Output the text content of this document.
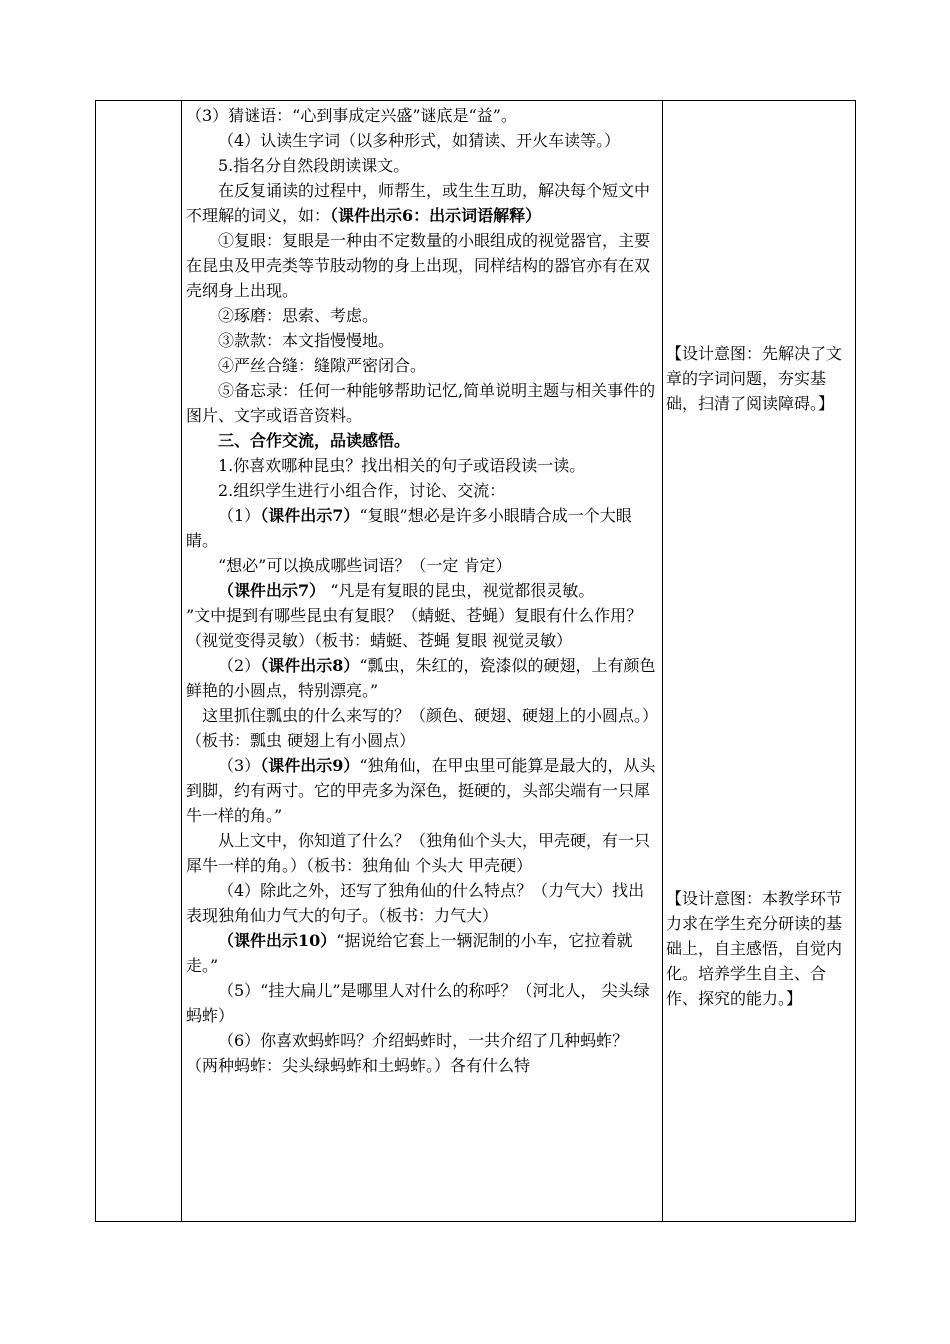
（3）猜谜语：“心到事成定兴盛”谜底是“益”。

（4）认读生字词（以多种形式，如猜读、开火车读等。）

5.指名分自然段朗读课文。

在反复诵读的过程中，师帮生，或生生互助，解决每个短文中不理解的词义，如：（课件出示6：出示词语解释）

①复眼：复眼是一种由不定数量的小眼组成的视觉器官，主要在昆虫及甲壳类等节肢动物的身上出现，同样结构的器官亦有在双壳纲身上出现。

②琢磨：思索、考虑。

③款款：本文指慢慢地。

④严丝合缝：缝隙严密闭合。

⑤备忘录：任何一种能够帮助记忆,简单说明主题与相关事件的图片、文字或语音资料。

三、合作交流，品读感悟。

1.你喜欢哪种昆虫？找出相关的句子或语段读一读。

2.组织学生进行小组合作，讨论、交流：

（1）（课件出示7）“复眼”想必是许多小眼睛合成一个大眼睛。

“想必”可以换成哪些词语？（一定 肯定）

（课件出示7） “凡是有复眼的昆虫，视觉都很灵敏。

”文中提到有哪些昆虫有复眼？（蜻蜓、苍蝇）复眼有什么作用？（视觉变得灵敏）（板书：蜻蜓、苍蝇 复眼 视觉灵敏）

（2）（课件出示8）“瓢虫，朱红的，瓷漆似的硬翅，上有颜色鲜艳的小圆点，特别漂亮。”

这里抓住瓢虫的什么来写的？（颜色、硬翅、硬翅上的小圆点。）（板书：瓢虫 硬翅上有小圆点）

（3）（课件出示9）“独角仙，在甲虫里可能算是最大的，从头到脚，约有两寸。它的甲壳多为深色，挺硬的，头部尖端有一只犀牛一样的角。”

从上文中，你知道了什么？（独角仙个头大，甲壳硬，有一只犀牛一样的角。）（板书：独角仙 个头大 甲壳硬）

（4）除此之外，还写了独角仙的什么特点？（力气大）找出表现独角仙力气大的句子。（板书：力气大）

（课件出示10）“据说给它套上一辆泥制的小车，它拉着就走。”

（5）“挂大扁儿”是哪里人对什么的称呼？（河北人， 尖头绿蚂蚱）

（6）你喜欢蚂蚱吗？介绍蚂蚱时，一共介绍了几种蚂蚱？（两种蚂蚱：尖头绿蚂蚱和土蚂蚱。）各有什么特

【设计意图：先解决了文章的字词问题，夯实基础，扫清了阅读障碍。】
【设计意图：本教学环节力求在学生充分研读的基础上，自主感悟，自觉内化。培养学生自主、合作、探究的能力。】
